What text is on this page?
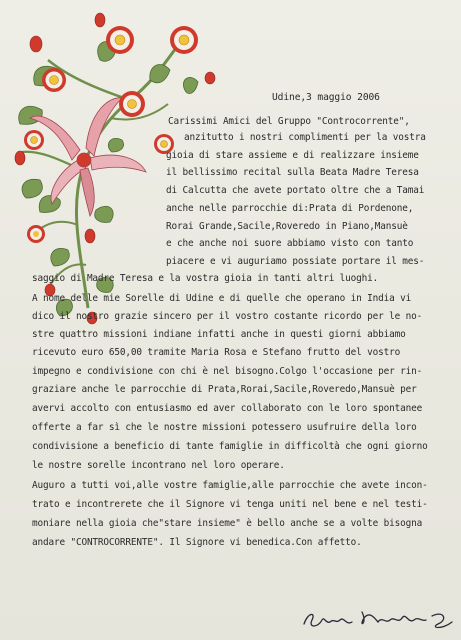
Udine,3 maggio 2006
Carissimi Amici del Gruppo "Controcorrente",
anzitutto i nostri complimenti per la vostra
gioia di stare assieme e di realizzare insieme
il bellissimo recital sulla Beata Madre Teresa
di Calcutta che avete portato oltre che a Tamai
anche nelle parrocchie di:Prata di Pordenone,
Rorai Grande,Sacile,Roveredo in Piano,Mansuè
e che anche noi suore abbiamo visto con tanto
piacere e vi auguriamo possiate portare il mes-
saggio di Madre Teresa e la vostra gioia in tanti altri luoghi.
A nome delle mie Sorelle di Udine e di quelle che operano in India vi
dico il nostro grazie sincero per il vostro costante ricordo per le no-
stre quattro missioni indiane infatti anche in questi giorni abbiamo
ricevuto euro 650,00 tramite Maria Rosa e Stefano frutto del vostro
impegno e condivisione con chi è nel bisogno.Colgo l'occasione per rin-
graziare anche le parrocchie di Prata,Rorai,Sacile,Roveredo,Mansuè per
avervi accolto con entusiasmo ed aver collaborato con le loro spontanee
offerte a far sì che le nostre missioni potessero usufruire della loro
condivisione a beneficio di tante famiglie in difficoltà che ogni giorno
le nostre sorelle incontrano nel loro operare.
Auguro a tutti voi,alle vostre famiglie,alle parrocchie che avete incon-
trato e incontrerete che il Signore vi tenga uniti nel bene e nel testi-
moniare nella gioia che"stare insieme" è bello anche se a volte bisogna
andare "CONTROCORRENTE". Il Signore vi benedica.Con affetto.
